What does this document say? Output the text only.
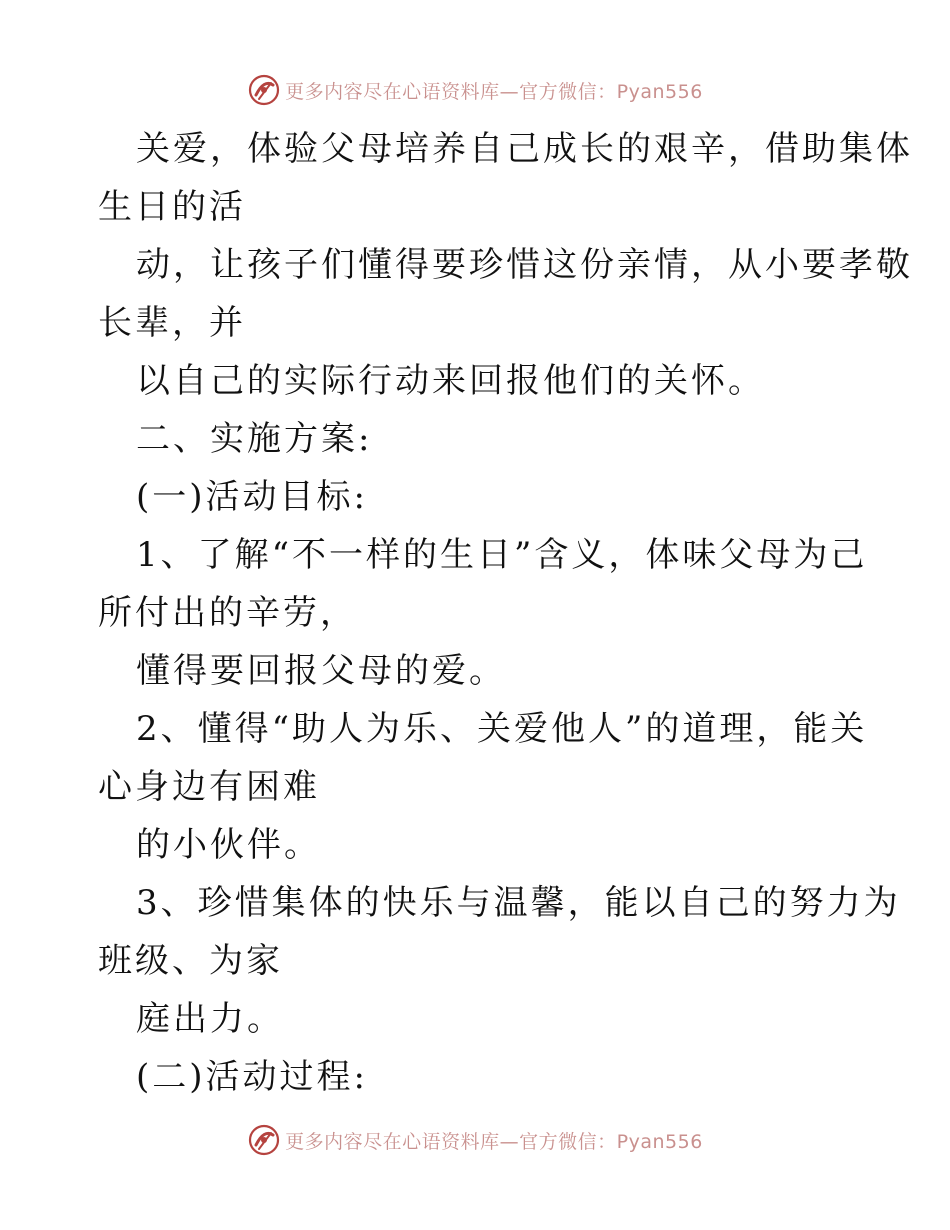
更多内容尽在心语资料库—官方微信：Pyan556
关爱，体验父母培养自己成长的艰辛，借助集体
生日的活
动，让孩子们懂得要珍惜这份亲情，从小要孝敬
长辈，并
以自己的实际行动来回报他们的关怀。
二、实施方案:
(一)活动目标:
1、了解“不一样的生日”含义，体味父母为己
所付出的辛劳，
懂得要回报父母的爱。
2、懂得“助人为乐、关爱他人”的道理，能关
心身边有困难
的小伙伴。
3、珍惜集体的快乐与温馨，能以自己的努力为
班级、为家
庭出力。
(二)活动过程:
更多内容尽在心语资料库—官方微信：Pyan556
